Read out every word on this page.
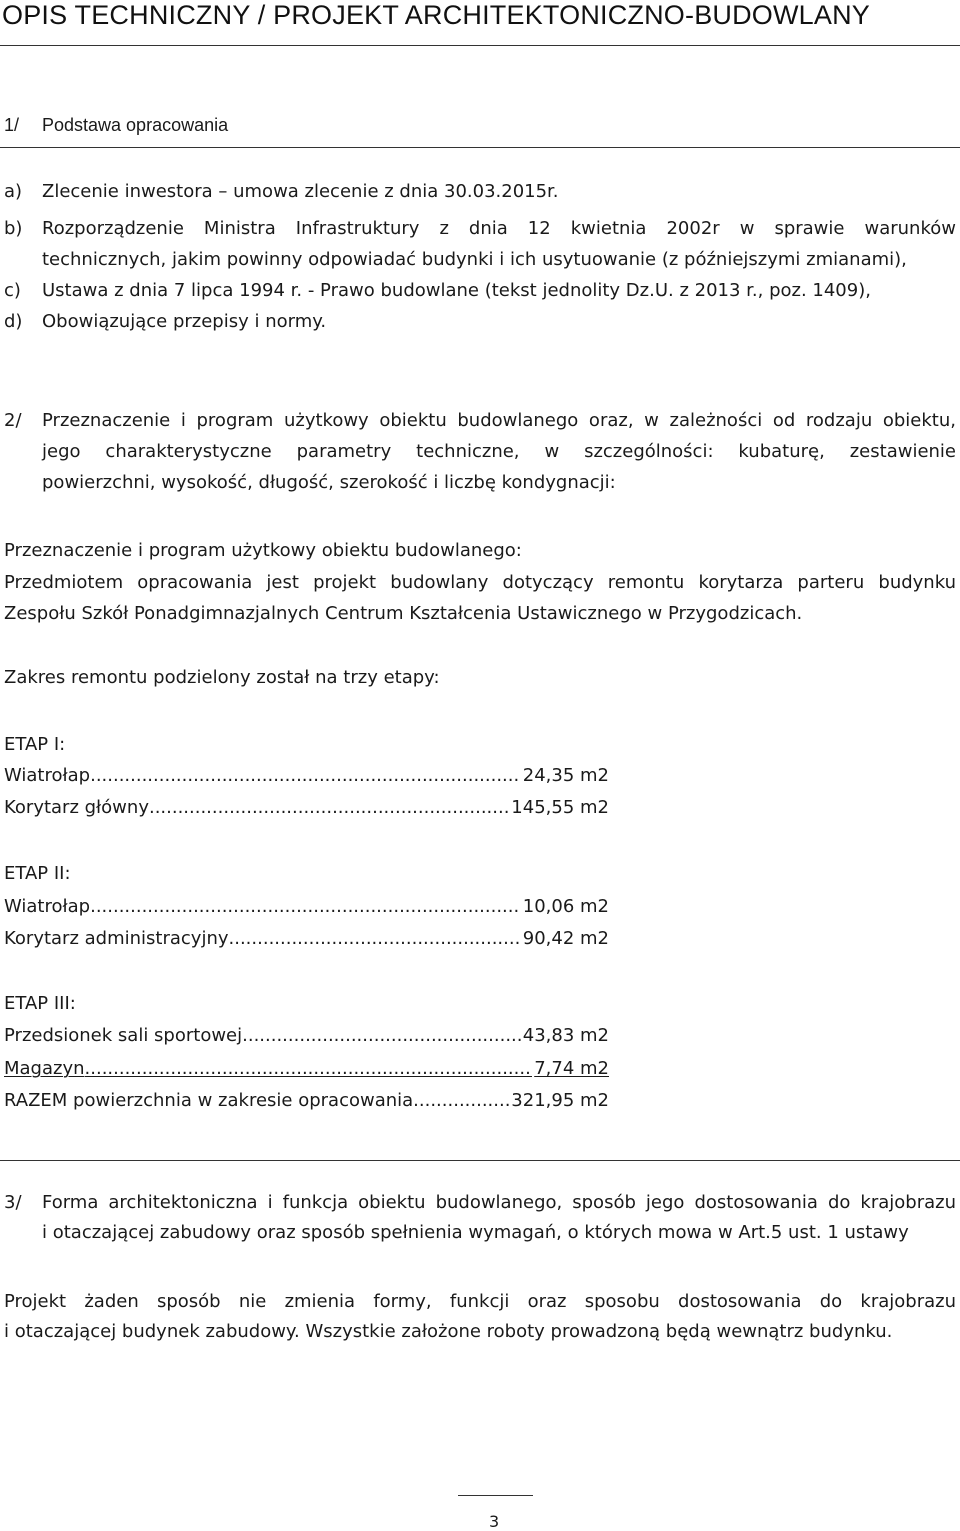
OPIS TECHNICZNY / PROJEKT ARCHITEKTONICZNO-BUDOWLANY
1/ Podstawa opracowania
a) Zlecenie inwestora – umowa zlecenie z dnia 30.03.2015r.
b) Rozporządzenie Ministra Infrastruktury z dnia 12 kwietnia 2002r w sprawie warunków
technicznych, jakim powinny odpowiadać budynki i ich usytuowanie (z późniejszymi zmianami),
c) Ustawa z dnia 7 lipca 1994 r. - Prawo budowlane (tekst jednolity Dz.U. z 2013 r., poz. 1409),
d) Obowiązujące przepisy i normy.
2/ Przeznaczenie i program użytkowy obiektu budowlanego oraz, w zależności od rodzaju obiektu,
jego charakterystyczne parametry techniczne, w szczególności: kubaturę, zestawienie
powierzchni, wysokość, długość, szerokość i liczbę kondygnacji:
Przeznaczenie i program użytkowy obiektu budowlanego:
Przedmiotem opracowania jest projekt budowlany dotyczący remontu korytarza parteru budynku
Zespołu Szkół Ponadgimnazjalnych Centrum Kształcenia Ustawicznego w Przygodzicach.
Zakres remontu podzielony został na trzy etapy:
ETAP I:
Wiatrołap .....	24,35 m2
Korytarz główny .....	145,55 m2
ETAP II:
Wiatrołap .....	10,06 m2
Korytarz administracyjny .....	90,42 m2
ETAP III:
Przedsionek sali sportowej .....	43,83 m2
Magazyn .....	7,74 m2
RAZEM powierzchnia w zakresie opracowania .....	321,95 m2
3/ Forma architektoniczna i funkcja obiektu budowlanego, sposób jego dostosowania do krajobrazu
i otaczającej zabudowy oraz sposób spełnienia wymagań, o których mowa w Art.5 ust. 1 ustawy
Projekt żaden sposób nie zmienia formy, funkcji oraz sposobu dostosowania do krajobrazu
i otaczającej budynek zabudowy. Wszystkie założone roboty prowadzoną będą wewnątrz budynku.
3
